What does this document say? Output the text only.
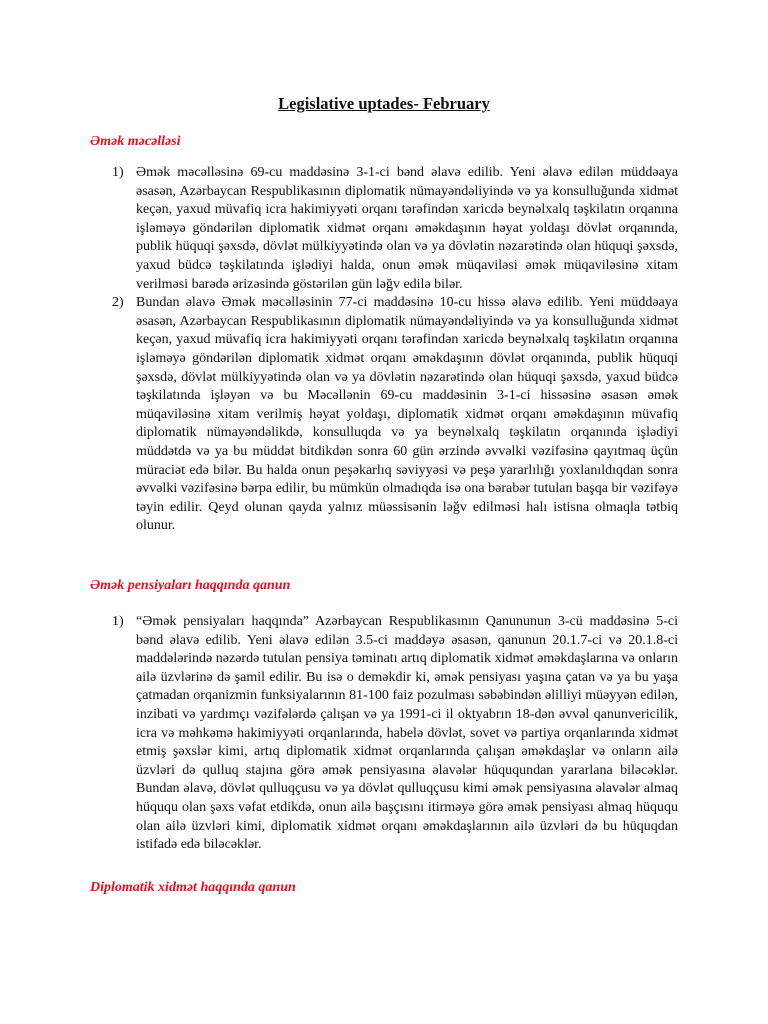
Legislative uptades- February
Əmək məcəlləsi
1) Əmək məcəlləsinə 69-cu maddəsinə 3-1-ci bənd əlavə edilib. Yeni əlavə edilən müddəaya əsasən, Azərbaycan Respublikasının diplomatik nümayəndəliyində və ya konsulluğunda xidmət keçən, yaxud müvafiq icra hakimiyyəti orqanı tərəfindən xaricdə beynəlxalq təşkilatın orqanına işləməyə göndərilən diplomatik xidmət orqanı əməkdaşının həyat yoldaşı dövlət orqanında, publik hüquqi şəxsdə, dövlət mülkiyyətində olan və ya dövlətin nəzarətində olan hüquqi şəxsdə, yaxud büdcə təşkilatında işlədiyi halda, onun əmək müqaviləsi əmək müqaviləsinə xitam verilməsi barədə ərizəsində göstərilən gün ləğv edilə bilər.

2) Bundan əlavə Əmək məcəlləsinin 77-ci maddəsinə 10-cu hissə əlavə edilib. Yeni müddəaya əsasən, Azərbaycan Respublikasının diplomatik nümayəndəliyində və ya konsulluğunda xidmət keçən, yaxud müvafiq icra hakimiyyəti orqanı tərəfindən xaricdə beynəlxalq təşkilatın orqanına işləməyə göndərilən diplomatik xidmət orqanı əməkdaşının dövlət orqanında, publik hüquqi şəxsdə, dövlət mülkiyyətində olan və ya dövlətin nəzarətində olan hüquqi şəxsdə, yaxud büdcə təşkilatında işləyən və bu Məcəllənin 69-cu maddəsinin 3-1-ci hissəsinə əsasən əmək müqaviləsinə xitam verilmiş həyat yoldaşı, diplomatik xidmət orqanı əməkdaşının müvafiq diplomatik nümayəndəlikdə, konsulluqda və ya beynəlxalq təşkilatın orqanında işlədiyi müddətdə və ya bu müddət bitdikdən sonra 60 gün ərzində əvvəlki vəzifəsinə qayıtmaq üçün müraciət edə bilər. Bu halda onun peşəkarlıq səviyyəsi və peşə yararlılığı yoxlanıldıqdan sonra əvvəlki vəzifəsinə bərpa edilir, bu mümkün olmadıqda isə ona bərabər tutulan başqa bir vəzifəyə təyin edilir. Qeyd olunan qayda yalnız müəssisənin ləğv edilməsi halı istisna olmaqla tətbiq olunur.

Əmək pensiyaları haqqında qanun
1) “Əmək pensiyaları haqqında” Azərbaycan Respublikasının Qanununun 3-cü maddəsinə 5-ci bənd əlavə edilib. Yeni əlavə edilən 3.5-ci maddəyə əsasən, qanunun 20.1.7-ci və 20.1.8-ci maddələrində nəzərdə tutulan pensiya təminatı artıq diplomatik xidmət əməkdaşlarına və onların ailə üzvlərinə də şamil edilir. Bu isə o deməkdir ki, əmək pensiyası yaşına çatan və ya bu yaşa çatmadan orqanizmin funksiyalarının 81-100 faiz pozulması səbəbindən əlilliyi müəyyən edilən, inzibati və yardımçı vəzifələrdə çalışan və ya 1991-ci il oktyabrın 18-dən əvvəl qanunvericilik, icra və məhkəmə hakimiyyəti orqanlarında, habelə dövlət, sovet və partiya orqanlarında xidmət etmiş şəxslər kimi, artıq diplomatik xidmət orqanlarında çalışan əməkdaşlar və onların ailə üzvləri də qulluq stajına görə əmək pensiyasına əlavələr hüququndan yararlana biləcəklər. Bundan əlavə, dövlət qulluqçusu və ya dövlət qulluqçusu kimi əmək pensiyasına əlavələr almaq hüququ olan şəxs vəfat etdikdə, onun ailə başçısını itirməyə görə əmək pensiyası almaq hüququ olan ailə üzvləri kimi, diplomatik xidmət orqanı əməkdaşlarının ailə üzvləri də bu hüquqdan istifadə edə biləcəklər.

Diplomatik xidmət haqqında qanun
